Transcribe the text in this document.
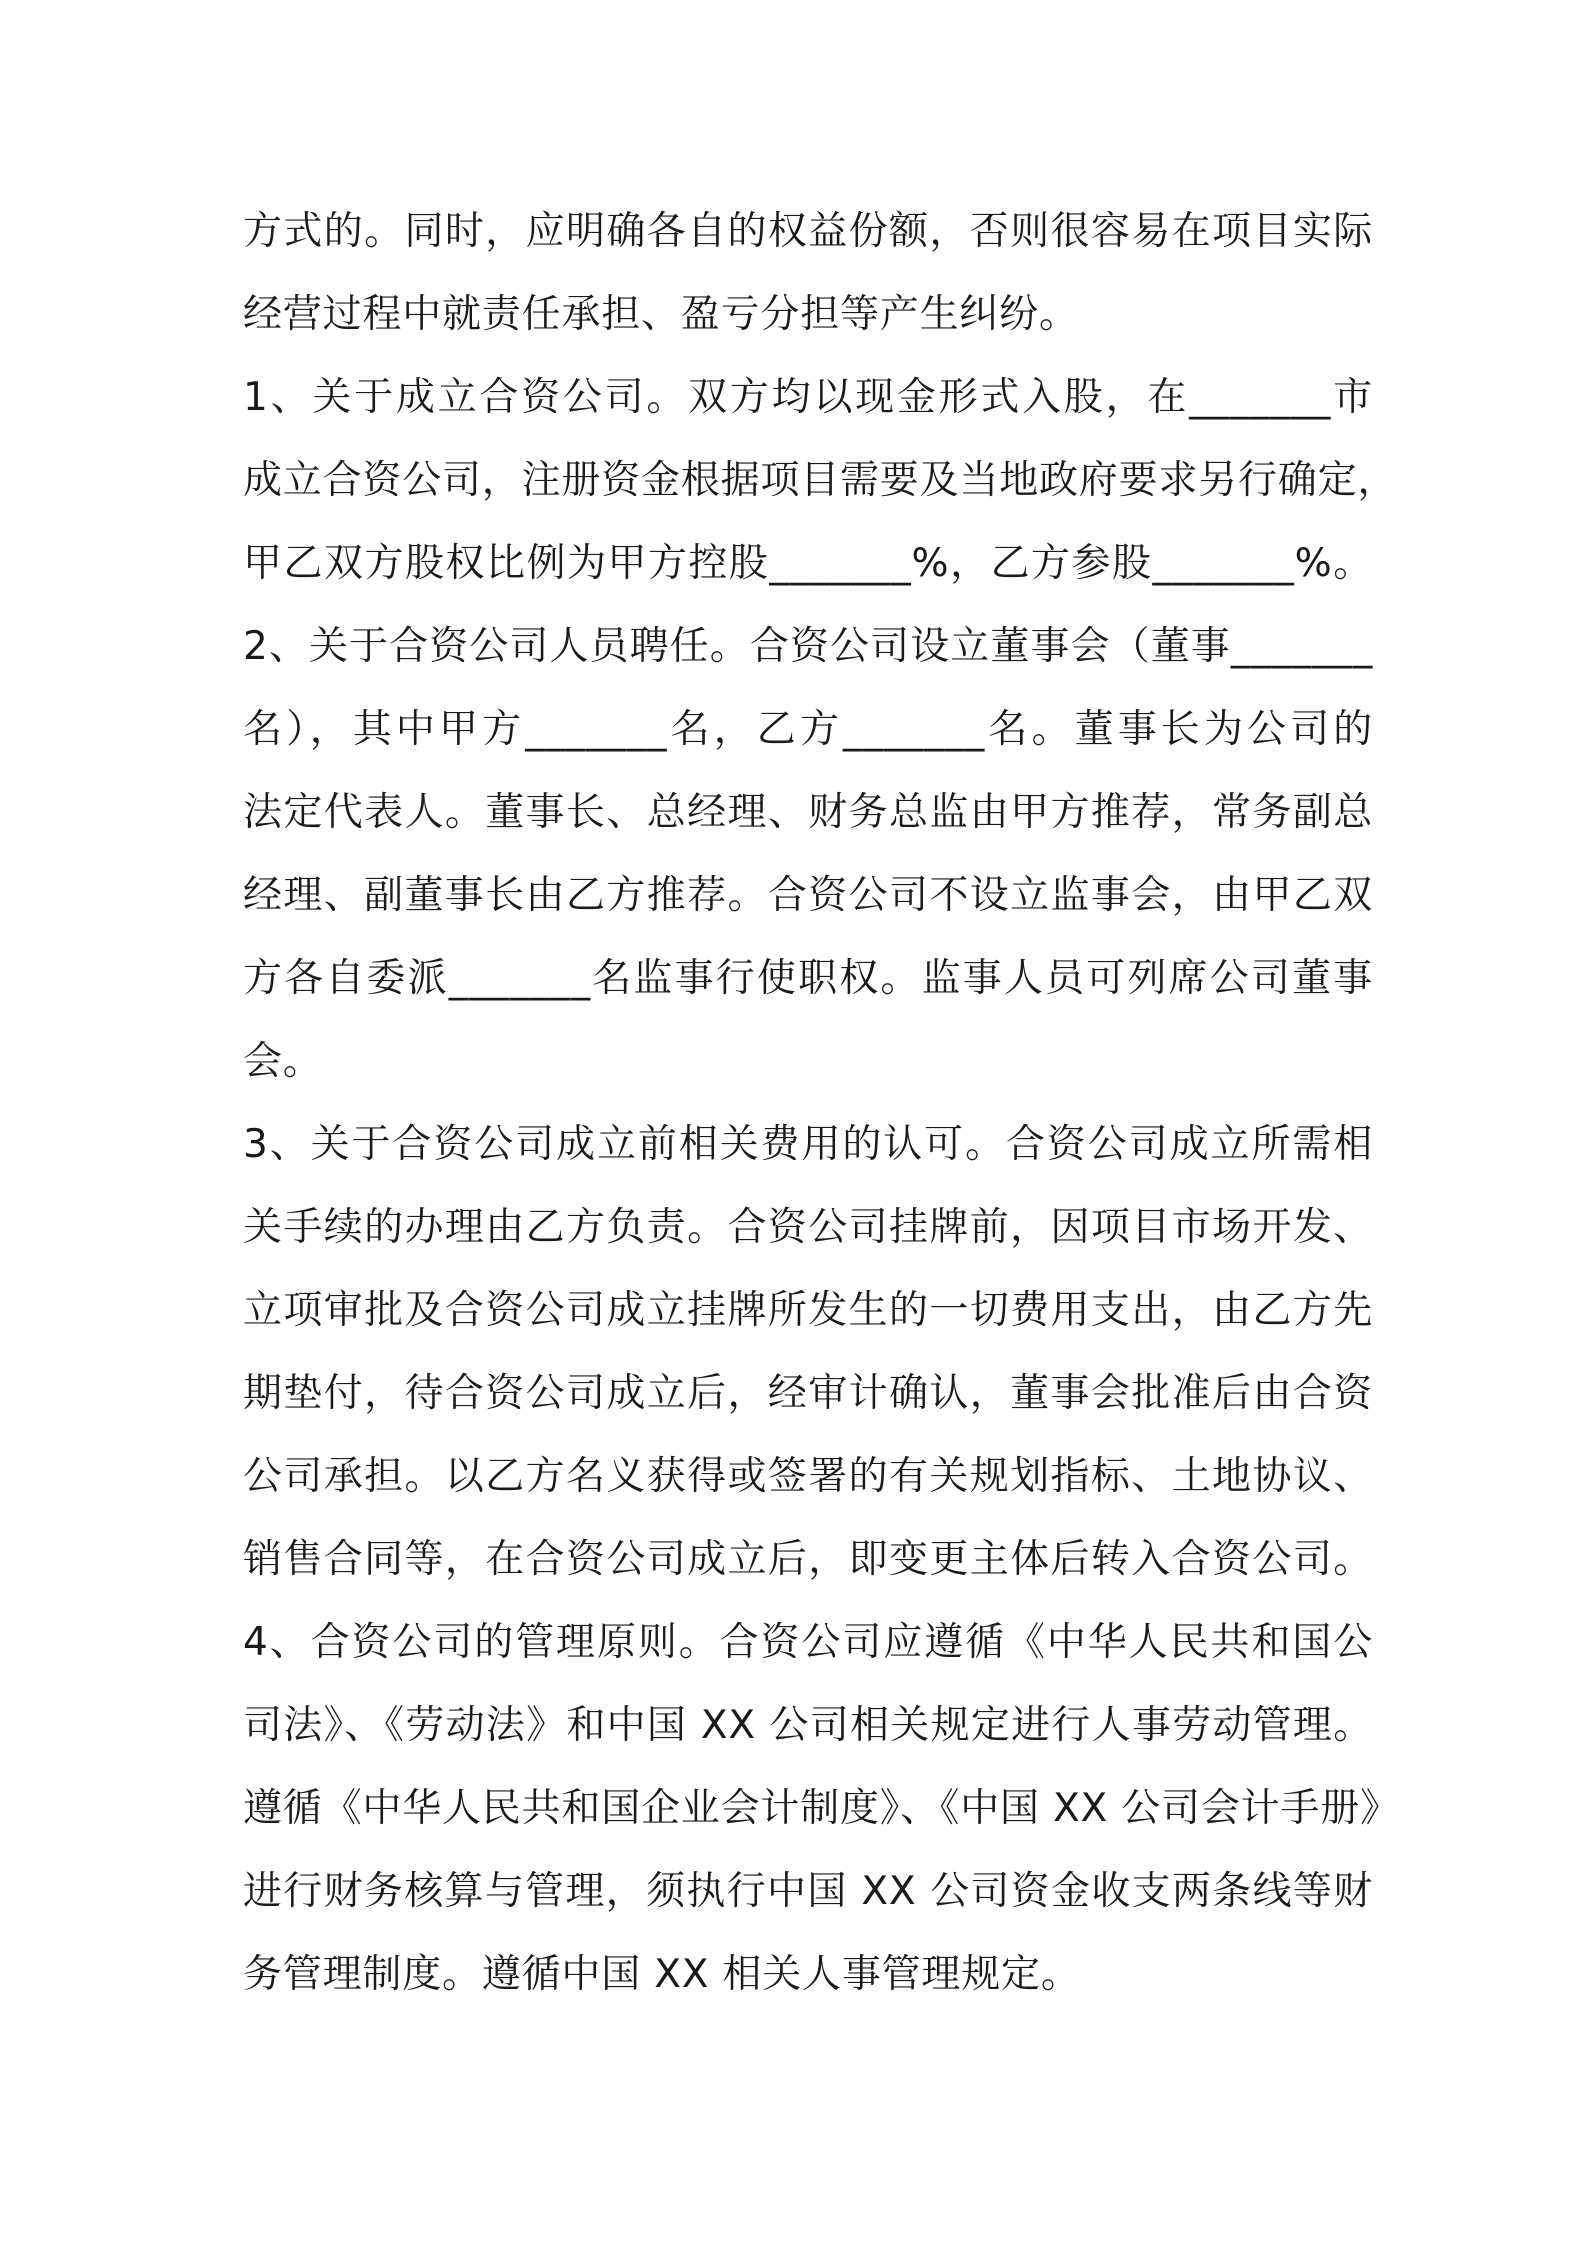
方式的。同时，应明确各自的权益份额，否则很容易在项目实际
经营过程中就责任承担、盈亏分担等产生纠纷。
1、关于成立合资公司。双方均以现金形式入股，在_______市
成立合资公司，注册资金根据项目需要及当地政府要求另行确定，
甲乙双方股权比例为甲方控股_______%，乙方参股_______%。
2、关于合资公司人员聘任。合资公司设立董事会（董事_______
名），其中甲方_______名，乙方_______名。董事长为公司的
法定代表人。董事长、总经理、财务总监由甲方推荐，常务副总
经理、副董事长由乙方推荐。合资公司不设立监事会，由甲乙双
方各自委派_______名监事行使职权。监事人员可列席公司董事
会。
3、关于合资公司成立前相关费用的认可。合资公司成立所需相
关手续的办理由乙方负责。合资公司挂牌前，因项目市场开发、
立项审批及合资公司成立挂牌所发生的一切费用支出，由乙方先
期垫付，待合资公司成立后，经审计确认，董事会批准后由合资
公司承担。以乙方名义获得或签署的有关规划指标、土地协议、
销售合同等，在合资公司成立后，即变更主体后转入合资公司。
4、合资公司的管理原则。合资公司应遵循《中华人民共和国公
司法》、《劳动法》和中国 XX 公司相关规定进行人事劳动管理。
遵循《中华人民共和国企业会计制度》、《中国 XX 公司会计手册》
进行财务核算与管理，须执行中国 XX 公司资金收支两条线等财
务管理制度。遵循中国 XX 相关人事管理规定。
